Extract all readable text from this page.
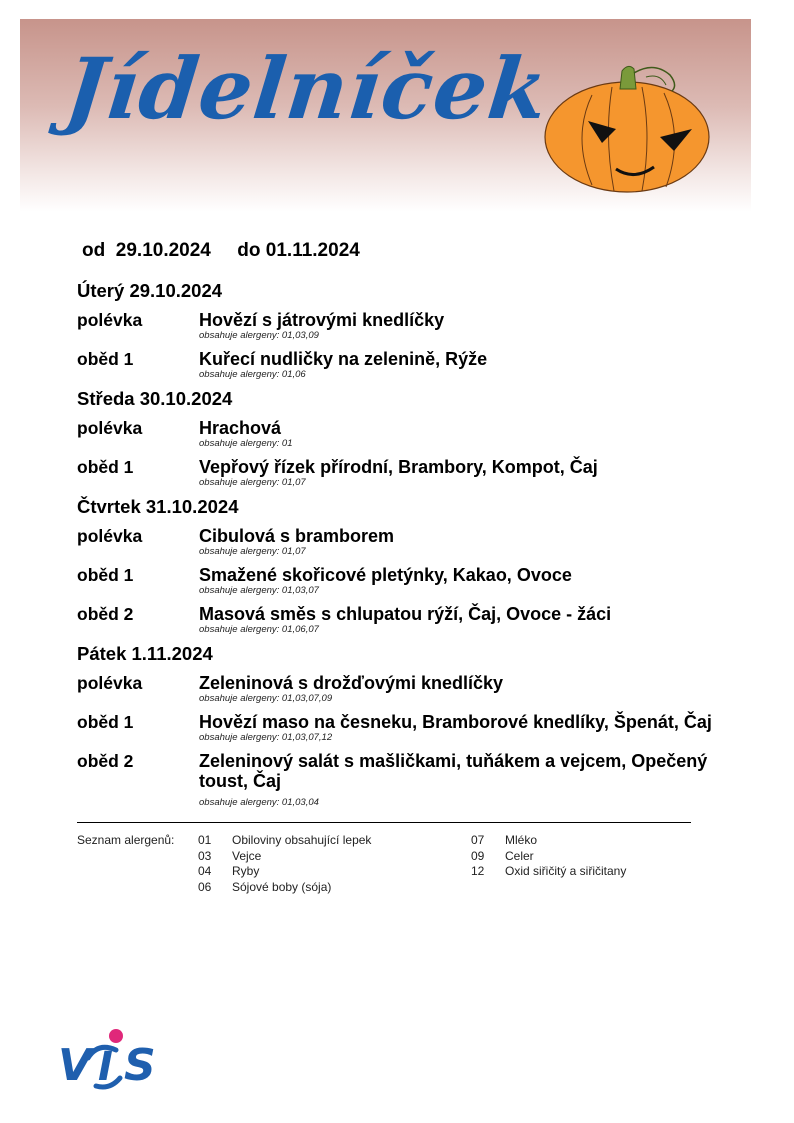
Jídelníček
od 29.10.2024 do 01.11.2024
Úterý 29.10.2024
polévka	Hovězí s játrovými knedlíčky
obsahuje alergeny: 01,03,09
oběd 1	Kuřecí nudličky na zelenině, Rýže
obsahuje alergeny: 01,06
Středa 30.10.2024
polévka	Hrachová
obsahuje alergeny: 01
oběd 1	Vepřový řízek přírodní, Brambory, Kompot, Čaj
obsahuje alergeny: 01,07
Čtvrtek 31.10.2024
polévka	Cibulová s bramborem
obsahuje alergeny: 01,07
oběd 1	Smažené skořicové pletýnky, Kakao, Ovoce
obsahuje alergeny: 01,03,07
oběd 2	Masová směs s chlupatou rýží, Čaj, Ovoce - žáci
obsahuje alergeny: 01,06,07
Pátek 1.11.2024
polévka	Zeleninová s drožďovými knedlíčky
obsahuje alergeny: 01,03,07,09
oběd 1	Hovězí maso na česneku, Bramborové knedlíky, Špenát, Čaj
obsahuje alergeny: 01,03,07,12
oběd 2	Zeleninový salát s mašličkami, tuňákem a vejcem, Opečený toust, Čaj
obsahuje alergeny: 01,03,04
Seznam alergenů: 01 Obiloviny obsahující lepek
03 Vejce
04 Ryby
06 Sójové boby (sója)
07 Mléko
09 Celer
12 Oxid siřičitý a siřičitany
V I S
